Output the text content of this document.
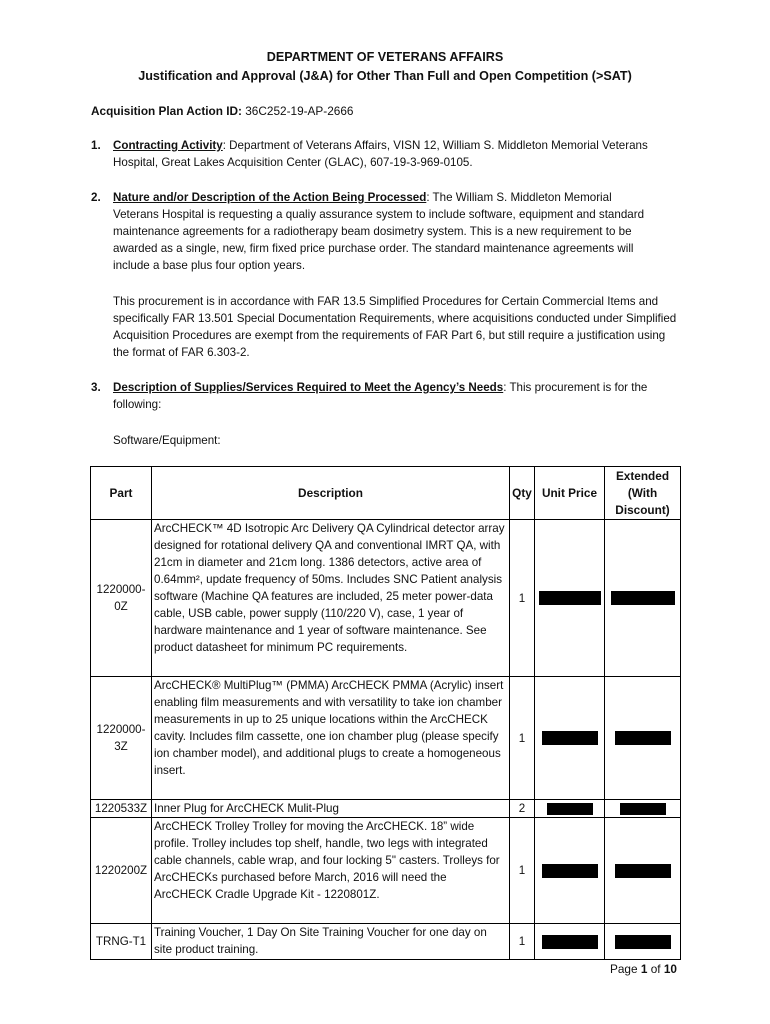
DEPARTMENT OF VETERANS AFFAIRS
Justification and Approval (J&A) for Other Than Full and Open Competition (>SAT)
Acquisition Plan Action ID: 36C252-19-AP-2666
1. Contracting Activity: Department of Veterans Affairs, VISN 12, William S. Middleton Memorial Veterans Hospital, Great Lakes Acquisition Center (GLAC), 607-19-3-969-0105.
2. Nature and/or Description of the Action Being Processed: The William S. Middleton Memorial Veterans Hospital is requesting a qualiy assurance system to include software, equipment and standard maintenance agreements for a radiotherapy beam dosimetry system. This is a new requirement to be awarded as a single, new, firm fixed price purchase order. The standard maintenance agreements will include a base plus four option years.
This procurement is in accordance with FAR 13.5 Simplified Procedures for Certain Commercial Items and specifically FAR 13.501 Special Documentation Requirements, where acquisitions conducted under Simplified Acquisition Procedures are exempt from the requirements of FAR Part 6, but still require a justification using the format of FAR 6.303-2.
3. Description of Supplies/Services Required to Meet the Agency’s Needs: This procurement is for the following:
Software/Equipment:
Part	Description	Qty	Unit Price	Extended
(With
Discount)

1220000-
0Z	ArcCHECK™ 4D Isotropic Arc Delivery QA Cylindrical detector array designed for rotational delivery QA and conventional IMRT QA, with 21cm in diameter and 21cm long. 1386 detectors, active area of 0.64mm², update frequency of 50ms. Includes SNC Patient analysis software (Machine QA features are included, 25 meter power-data cable, USB cable, power supply (110/220 V), case, 1 year of hardware maintenance and 1 year of software maintenance. See product datasheet for minimum PC requirements.	1		

1220000-
3Z	ArcCHECK® MultiPlug™ (PMMA) ArcCHECK PMMA (Acrylic) insert enabling film measurements and with versatility to take ion chamber measurements in up to 25 unique locations within the ArcCHECK cavity. Includes film cassette, one ion chamber plug (please specify ion chamber model), and additional plugs to create a homogeneous insert.	1		

1220533Z	Inner Plug for ArcCHECK Mulit-Plug	2		

1220200Z	ArcCHECK Trolley Trolley for moving the ArcCHECK. 18” wide profile. Trolley includes top shelf, handle, two legs with integrated cable channels, cable wrap, and four locking 5" casters. Trolleys for ArcCHECKs purchased before March, 2016 will need the ArcCHECK Cradle Upgrade Kit - 1220801Z.	1		

TRNG-T1	Training Voucher, 1 Day On Site Training Voucher for one day on site product training.	1		
Page 1 of 10
